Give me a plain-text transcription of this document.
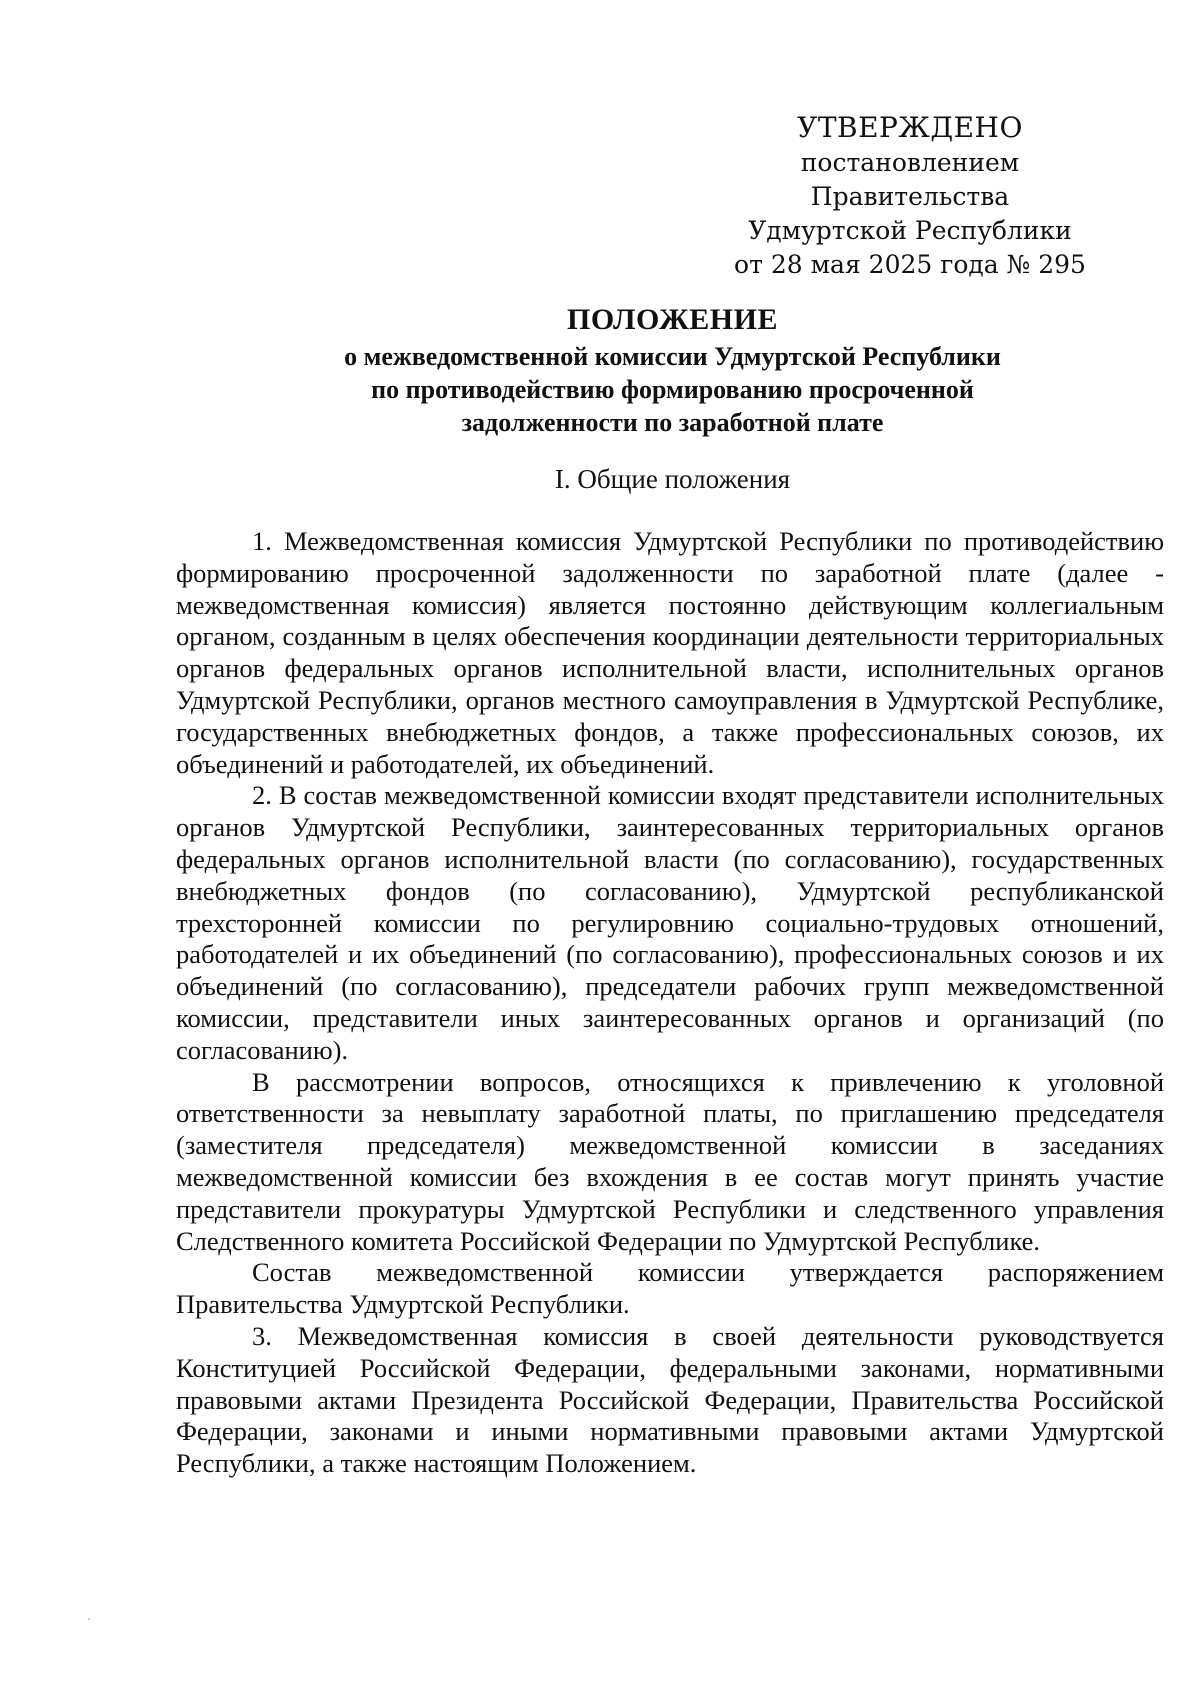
УТВЕРЖДЕНО
постановлением Правительства
Удмуртской Республики
от 28 мая 2025 года № 295
ПОЛОЖЕНИЕ
о межведомственной комиссии Удмуртской Республики
по противодействию формированию просроченной
задолженности по заработной плате
I. Общие положения

1. Межведомственная комиссия Удмуртской Республики по противодействию формированию просроченной задолженности по заработной плате (далее - межведомственная комиссия) является постоянно действующим коллегиальным органом, созданным в целях обеспечения координации деятельности территориальных органов федеральных органов исполнительной власти, исполнительных органов Удмуртской Республики, органов местного самоуправления в Удмуртской Республике, государственных внебюджетных фондов, а также профессиональных союзов, их объединений и работодателей, их объединений.

2. В состав межведомственной комиссии входят представители исполнительных органов Удмуртской Республики, заинтересованных территориальных органов федеральных органов исполнительной власти (по согласованию), государственных внебюджетных фондов (по согласованию), Удмуртской республиканской трехсторонней комиссии по регулировнию социально-трудовых отношений, работодателей и их объединений (по согласованию), профессиональных союзов и их объединений (по согласованию), председатели рабочих групп межведомственной комиссии, представители иных заинтересованных органов и организаций (по согласованию).

В рассмотрении вопросов, относящихся к привлечению к уголовной ответственности за невыплату заработной платы, по приглашению председателя (заместителя председателя) межведомственной комиссии в заседаниях межведомственной комиссии без вхождения в ее состав могут принять участие представители прокуратуры Удмуртской Республики и следственного управления Следственного комитета Российской Федерации по Удмуртской Республике.

Состав межведомственной комиссии утверждается распоряжением Правительства Удмуртской Республики.

3. Межведомственная комиссия в своей деятельности руководствуется Конституцией Российской Федерации, федеральными законами, нормативными правовыми актами Президента Российской Федерации, Правительства Российской Федерации, законами и иными нормативными правовыми актами Удмуртской Республики, а также настоящим Положением.
